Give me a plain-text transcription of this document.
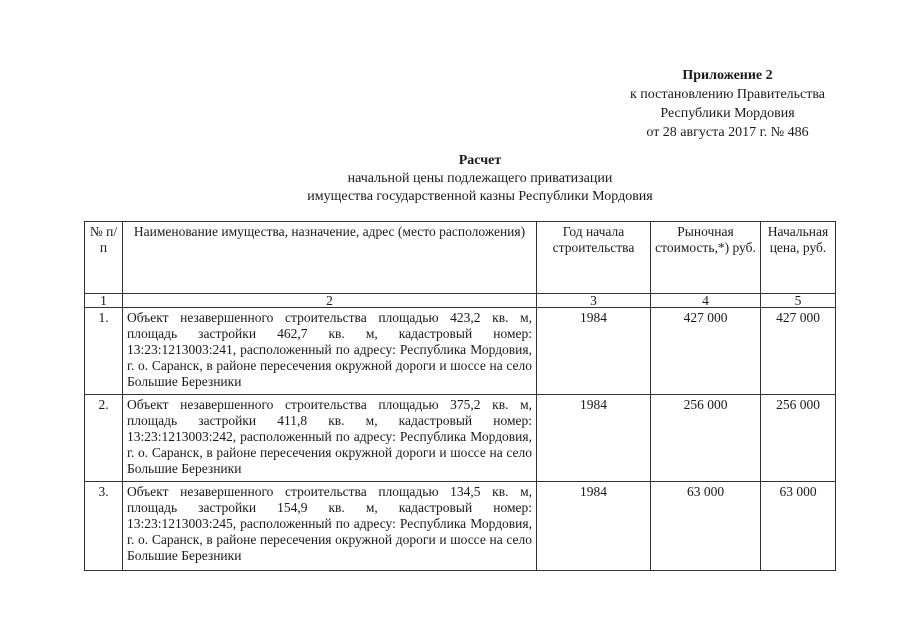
Приложение 2
к постановлению Правительства
Республики Мордовия
от 28 августа 2017 г. № 486
Расчет
начальной цены подлежащего приватизации
имущества государственной казны Республики Мордовия
№ п/п	Наименование имущества, назначение, адрес (место расположения)	Год начала строительства	Рыночная стоимость,*) руб.	Начальная цена, руб.
1	2	3	4	5
1.	Объект незавершенного строительства площадью 423,2 кв. м, площадь застройки 462,7 кв. м, кадастровый номер: 13:23:1213003:241, расположенный по адресу: Республика Мордовия, г. о. Саранск, в районе пересечения окружной дороги и шоссе на село Большие Березники	1984	427 000	427 000
2.	Объект незавершенного строительства площадью 375,2 кв. м, площадь застройки 411,8 кв. м, кадастровый номер: 13:23:1213003:242, расположенный по адресу: Республика Мордовия, г. о. Саранск, в районе пересечения окружной дороги и шоссе на село Большие Березники	1984	256 000	256 000
3.	Объект незавершенного строительства площадью 134,5 кв. м, площадь застройки 154,9 кв. м, кадастровый номер: 13:23:1213003:245, расположенный по адресу: Республика Мордовия, г. о. Саранск, в районе пересечения окружной дороги и шоссе на село Большие Березники	1984	63 000	63 000
